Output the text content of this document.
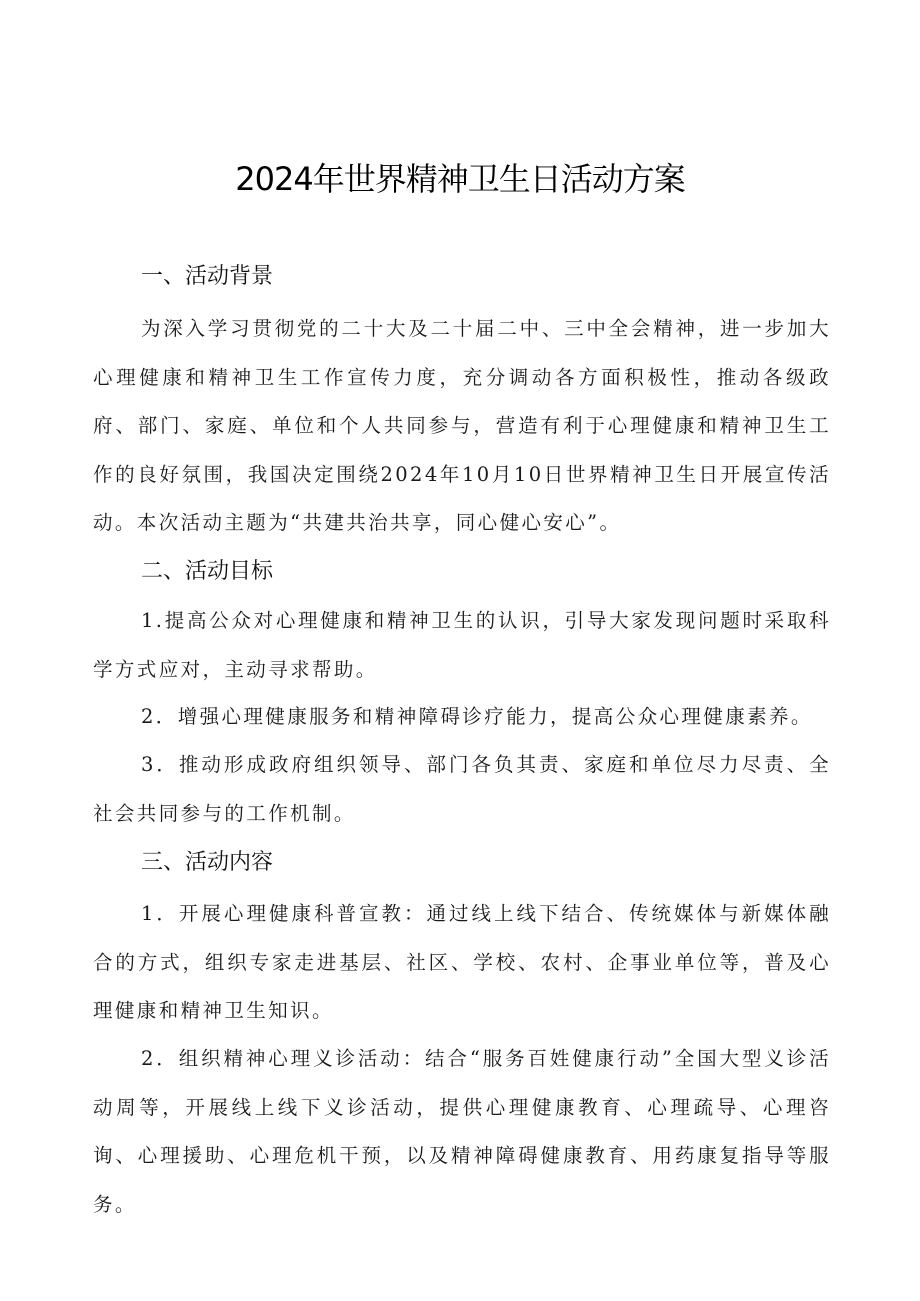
2024年世界精神卫生日活动方案
一、活动背景
为深入学习贯彻党的二十大及二十届二中、三中全会精神，进一步加大心理健康和精神卫生工作宣传力度，充分调动各方面积极性，推动各级政府、部门、家庭、单位和个人共同参与，营造有利于心理健康和精神卫生工作的良好氛围，我国决定围绕2024年10月10日世界精神卫生日开展宣传活动。本次活动主题为“共建共治共享，同心健心安心”。
二、活动目标
1.提高公众对心理健康和精神卫生的认识，引导大家发现问题时采取科学方式应对，主动寻求帮助。
2．增强心理健康服务和精神障碍诊疗能力，提高公众心理健康素养。
3．推动形成政府组织领导、部门各负其责、家庭和单位尽力尽责、全社会共同参与的工作机制。
三、活动内容
1．开展心理健康科普宣教：通过线上线下结合、传统媒体与新媒体融合的方式，组织专家走进基层、社区、学校、农村、企事业单位等，普及心理健康和精神卫生知识。
2．组织精神心理义诊活动：结合“服务百姓健康行动”全国大型义诊活动周等，开展线上线下义诊活动，提供心理健康教育、心理疏导、心理咨询、心理援助、心理危机干预，以及精神障碍健康教育、用药康复指导等服务。
